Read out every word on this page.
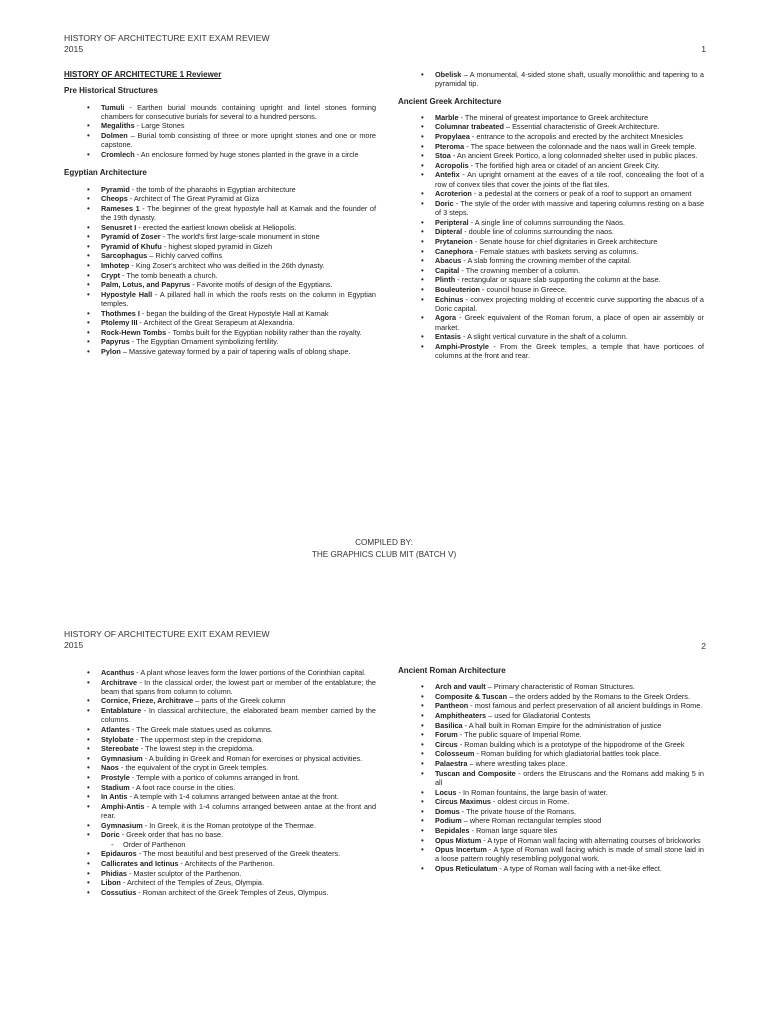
HISTORY OF ARCHITECTURE EXIT EXAM REVIEW
2015	1
HISTORY OF ARCHITECTURE 1 Reviewer
Pre Historical Structures
• Tumuli - Earthen burial mounds containing upright and lintel stones forming chambers for consecutive burials for several to a hundred persons.
• Megaliths - Large Stones
• Dolmen – Burial tomb consisting of three or more upright stones and one or more capstone.
• Cromlech - An enclosure formed by huge stones planted in the grave in a circle
Egyptian Architecture
• Pyramid - the tomb of the pharaohs in Egyptian architecture
• Cheops - Architect of The Great Pyramid at Giza
• Rameses 1 - The beginner of the great hypostyle hall at Karnak and the founder of the 19th dynasty.
• Senusret I - erected the earliest known obelisk at Heliopolis.
• Pyramid of Zoser - The world's first large-scale monument in stone
• Pyramid of Khufu - highest sloped pyramid in Gizeh
• Sarcophagus – Richly carved coffins
• Imhotep - King Zoser's architect who was deified in the 26th dynasty.
• Crypt - The tomb beneath a church.
• Palm, Lotus, and Papyrus - Favorite motifs of design of the Egyptians.
• Hypostyle Hall - A pillared hall in which the roofs rests on the column in Egyptian temples.
• Thothmes I - began the building of the Great Hypostyle Hall at Karnak
• Ptolemy III - Architect of the Great Serapeum at Alexandria.
• Rock-Hewn Tombs - Tombs built for the Egyptian nobility rather than the royalty.
• Papyrus - The Egyptian Ornament symbolizing fertility.
• Pylon – Massive gateway formed by a pair of tapering walls of oblong shape.
• Obelisk – A monumental, 4-sided stone shaft, usually monolithic and tapering to a pyramidal tip.
Ancient Greek Architecture
• Marble - The mineral of greatest importance to Greek architecture
• Columnar trabeated – Essential characteristic of Greek Architecture.
• Propylaea - entrance to the acropolis and erected by the architect Mnesicles
• Pteroma - The space between the colonnade and the naos wall in Greek temple.
• Stoa - An ancient Greek Portico, a long colonnaded shelter used in public places.
• Acropolis - The fortified high area or citadel of an ancient Greek City.
• Antefix - An upright ornament at the eaves of a tile roof, concealing the foot of a row of convex tiles that cover the joints of the flat tiles.
• Acroterion - a pedestal at the corners or peak of a roof to support an ornament
• Doric - The style of the order with massive and tapering columns resting on a base of 3 steps.
• Peripteral - A single line of columns surrounding the Naos.
• Dipteral - double line of columns surrounding the naos.
• Prytaneion - Senate house for chief dignitaries in Greek architecture
• Canephora - Female statues with baskets serving as columns.
• Abacus - A slab forming the crowning member of the capital.
• Capital - The crowning member of a column.
• Plinth - rectangular or square slab supporting the column at the base.
• Bouleuterion - council house in Greece.
• Echinus - convex projecting molding of eccentric curve supporting the abacus of a Doric capital.
• Agora - Greek equivalent of the Roman forum, a place of open air assembly or market.
• Entasis - A slight vertical curvature in the shaft of a column.
• Amphi-Prostyle - From the Greek temples, a temple that have porticoes of columns at the front and rear.
COMPILED BY:
THE GRAPHICS CLUB MIT (BATCH V)
HISTORY OF ARCHITECTURE EXIT EXAM REVIEW
2015	2
• Acanthus - A plant whose leaves form the lower portions of the Corinthian capital.
• Architrave - In the classical order, the lowest part or member of the entablature; the beam that spans from column to column.
• Cornice, Frieze, Architrave – parts of the Greek column
• Entablature - In classical architecture, the elaborated beam member carried by the columns.
• Atlantes - The Greek male statues used as columns.
• Stylobate - The uppermost step in the crepidoma.
• Stereobate - The lowest step in the crepidoma.
• Gymnasium - A building in Greek and Roman for exercises or physical activities.
• Naos - the equivalent of the crypt in Greek temples.
• Prostyle - Temple with a portico of columns arranged in front.
• Stadium - A foot race course in the cities.
• In Antis - A temple with 1-4 columns arranged between antae at the front.
• Amphi-Antis - A temple with 1-4 columns arranged between antae at the front and rear.
• Gymnasium - In Greek, it is the Roman prototype of the Thermae.
• Doric - Greek order that has no base.
- Order of Parthenon
• Epidauros - The most beautiful and best preserved of the Greek theaters.
• Callicrates and Ictinus - Architects of the Parthenon.
• Phidias - Master sculptor of the Parthenon.
• Libon - Architect of the Temples of Zeus, Olympia.
• Cossutius - Roman architect of the Greek Temples of Zeus, Olympus.
Ancient Roman Architecture
• Arch and vault – Primary characteristic of Roman Structures.
• Composite & Tuscan – the orders added by the Romans to the Greek Orders.
• Pantheon - most famous and perfect preservation of all ancient buildings in Rome.
• Amphitheaters – used for Gladiatorial Contests
• Basilica - A hall built in Roman Empire for the administration of justice
• Forum - The public square of Imperial Rome.
• Circus - Roman building which is a prototype of the hippodrome of the Greek
• Colosseum - Roman building for which gladiatorial battles took place.
• Palaestra – where wrestling takes place.
• Tuscan and Composite - orders the Etruscans and the Romans add making 5 in all
• Locus - In Roman fountains, the large basin of water.
• Circus Maximus - oldest circus in Rome.
• Domus - The private house of the Romans.
• Podium – where Roman rectangular temples stood
• Bepidales - Roman large square tiles
• Opus Mixtum - A type of Roman wall facing with alternating courses of brickworks
• Opus Incertum - A type of Roman wall facing which is made of small stone laid in a loose pattern roughly resembling polygonal work.
• Opus Reticulatum - A type of Roman wall facing with a net-like effect.
